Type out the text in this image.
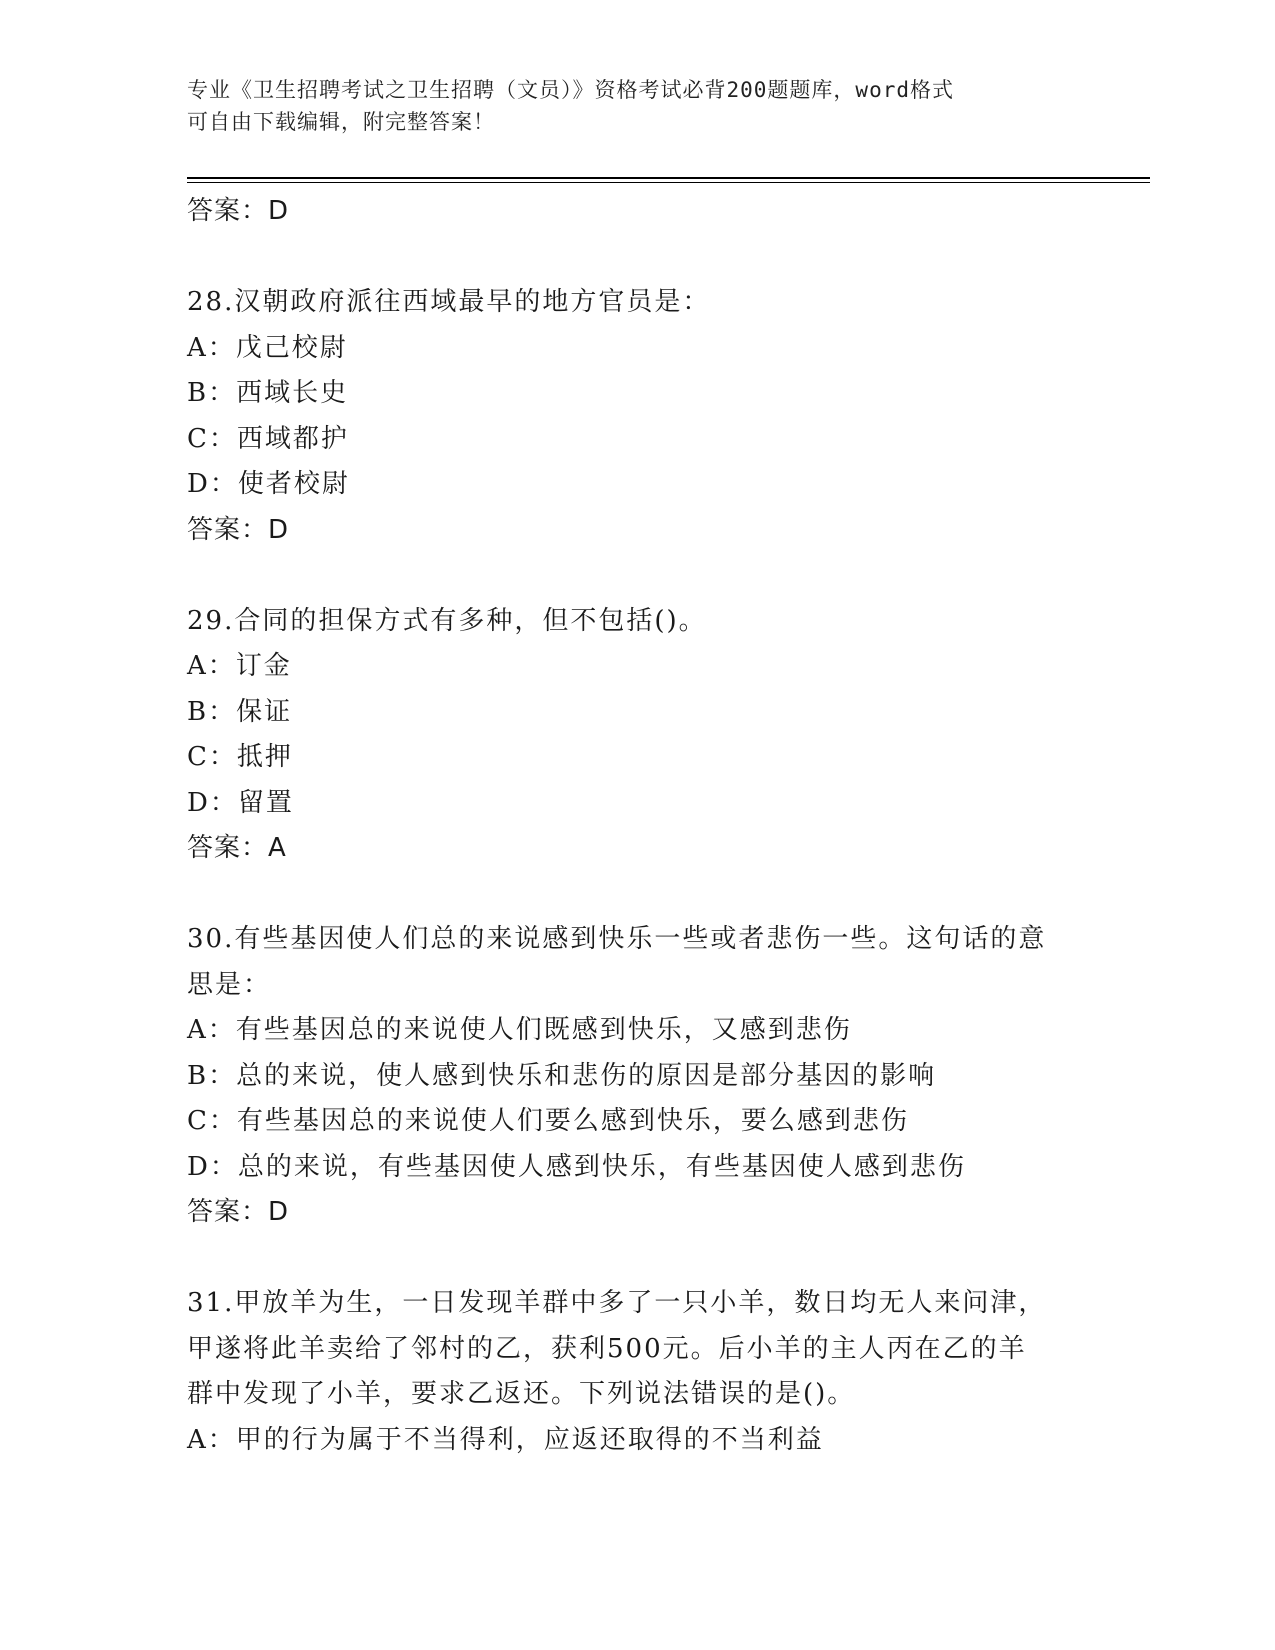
专业《卫生招聘考试之卫生招聘（文员）》资格考试必背200题题库，word格式
可自由下载编辑，附完整答案！
答案：D
28.汉朝政府派往西域最早的地方官员是：
A：戊己校尉
B：西域长史
C：西域都护
D：使者校尉
答案：D
29.合同的担保方式有多种，但不包括()。
A：订金
B：保证
C：抵押
D：留置
答案：A
30.有些基因使人们总的来说感到快乐一些或者悲伤一些。这句话的意
思是：
A：有些基因总的来说使人们既感到快乐，又感到悲伤
B：总的来说，使人感到快乐和悲伤的原因是部分基因的影响
C：有些基因总的来说使人们要么感到快乐，要么感到悲伤
D：总的来说，有些基因使人感到快乐，有些基因使人感到悲伤
答案：D
31.甲放羊为生，一日发现羊群中多了一只小羊，数日均无人来问津，
甲遂将此羊卖给了邻村的乙，获利500元。后小羊的主人丙在乙的羊
群中发现了小羊，要求乙返还。下列说法错误的是()。
A：甲的行为属于不当得利，应返还取得的不当利益
